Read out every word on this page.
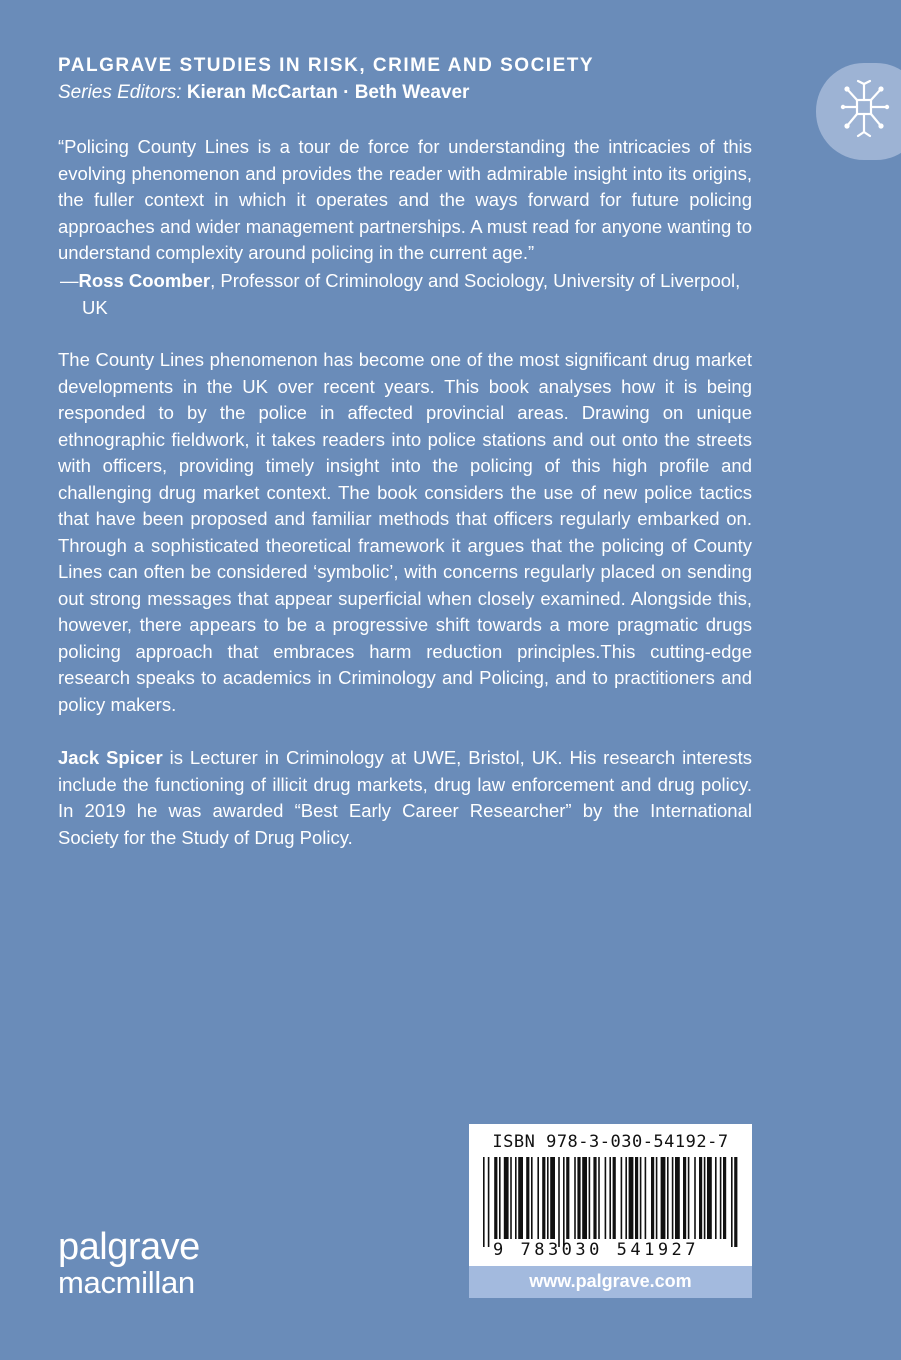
PALGRAVE STUDIES IN RISK, CRIME AND SOCIETY
Series Editors: Kieran McCartan · Beth Weaver

“Policing County Lines is a tour de force for understanding the intricacies of this evolving phenomenon and provides the reader with admirable insight into its origins, the fuller context in which it operates and the ways forward for future policing approaches and wider management partnerships. A must read for anyone wanting to understand complexity around policing in the current age.”

—Ross Coomber, Professor of Criminology and Sociology, University of Liverpool, UK

The County Lines phenomenon has become one of the most significant drug market developments in the UK over recent years. This book analyses how it is being responded to by the police in affected provincial areas. Drawing on unique ethnographic fieldwork, it takes readers into police stations and out onto the streets with officers, providing timely insight into the policing of this high profile and challenging drug market context. The book considers the use of new police tactics that have been proposed and familiar methods that officers regularly embarked on. Through a sophisticated theoretical framework it argues that the policing of County Lines can often be considered ‘symbolic’, with concerns regularly placed on sending out strong messages that appear superficial when closely examined. Alongside this, however, there appears to be a progressive shift towards a more pragmatic drugs policing approach that embraces harm reduction principles.This cutting-edge research speaks to academics in Criminology and Policing, and to practitioners and policy makers.

Jack Spicer is Lecturer in Criminology at UWE, Bristol, UK. His research interests include the functioning of illicit drug markets, drug law enforcement and drug policy. In 2019 he was awarded “Best Early Career Researcher” by the International Society for the Study of Drug Policy.

palgrave
macmillan
ISBN 978-3-030-54192-7
9 783030 541927
www.palgrave.com
